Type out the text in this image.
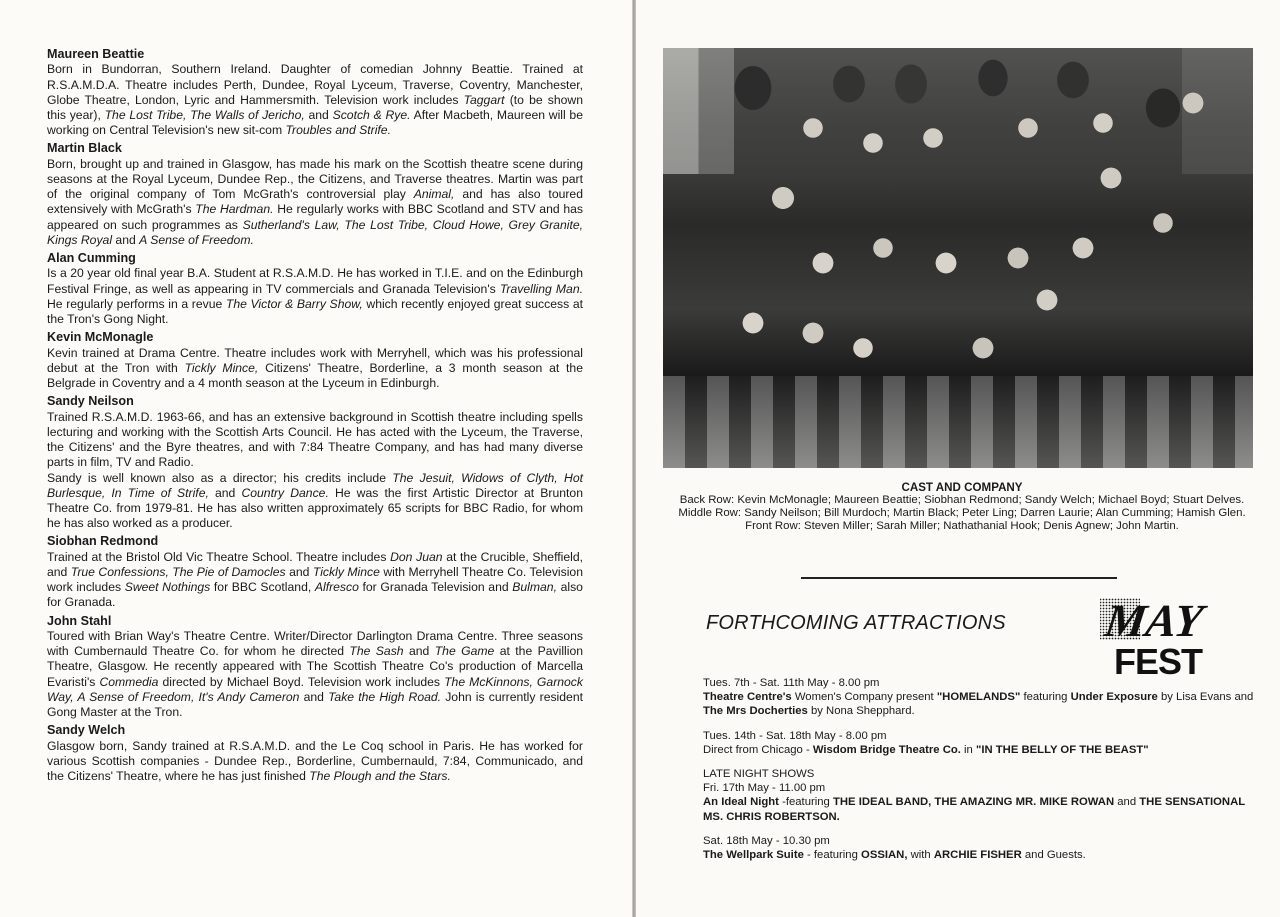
Maureen Beattie

Born in Bundorran, Southern Ireland. Daughter of comedian Johnny Beattie. Trained at R.S.A.M.D.A. Theatre includes Perth, Dundee, Royal Lyceum, Traverse, Coventry, Manchester, Globe Theatre, London, Lyric and Hammersmith. Television work includes Taggart (to be shown this year), The Lost Tribe, The Walls of Jericho, and Scotch & Rye. After Macbeth, Maureen will be working on Central Television's new sit-com Troubles and Strife.

Martin Black

Born, brought up and trained in Glasgow, has made his mark on the Scottish theatre scene during seasons at the Royal Lyceum, Dundee Rep., the Citizens, and Traverse theatres. Martin was part of the original company of Tom McGrath's controversial play Animal, and has also toured extensively with McGrath's The Hardman. He regularly works with BBC Scotland and STV and has appeared on such programmes as Sutherland's Law, The Lost Tribe, Cloud Howe, Grey Granite, Kings Royal and A Sense of Freedom.

Alan Cumming

Is a 20 year old final year B.A. Student at R.S.A.M.D. He has worked in T.I.E. and on the Edinburgh Festival Fringe, as well as appearing in TV commercials and Granada Television's Travelling Man. He regularly performs in a revue The Victor & Barry Show, which recently enjoyed great success at the Tron's Gong Night.

Kevin McMonagle

Kevin trained at Drama Centre. Theatre includes work with Merryhell, which was his professional debut at the Tron with Tickly Mince, Citizens' Theatre, Borderline, a 3 month season at the Belgrade in Coventry and a 4 month season at the Lyceum in Edinburgh.

Sandy Neilson

Trained R.S.A.M.D. 1963-66, and has an extensive background in Scottish theatre including spells lecturing and working with the Scottish Arts Council. He has acted with the Lyceum, the Traverse, the Citizens' and the Byre theatres, and with 7:84 Theatre Company, and has had many diverse parts in film, TV and Radio.
Sandy is well known also as a director; his credits include The Jesuit, Widows of Clyth, Hot Burlesque, In Time of Strife, and Country Dance. He was the first Artistic Director at Brunton Theatre Co. from 1979-81. He has also written approximately 65 scripts for BBC Radio, for whom he has also worked as a producer.

Siobhan Redmond

Trained at the Bristol Old Vic Theatre School. Theatre includes Don Juan at the Crucible, Sheffield, and True Confessions, The Pie of Damocles and Tickly Mince with Merryhell Theatre Co. Television work includes Sweet Nothings for BBC Scotland, Alfresco for Granada Television and Bulman, also for Granada.

John Stahl

Toured with Brian Way's Theatre Centre. Writer/Director Darlington Drama Centre. Three seasons with Cumbernauld Theatre Co. for whom he directed The Sash and The Game at the Pavillion Theatre, Glasgow. He recently appeared with The Scottish Theatre Co's production of Marcella Evaristi's Commedia directed by Michael Boyd. Television work includes The McKinnons, Garnock Way, A Sense of Freedom, It's Andy Cameron and Take the High Road. John is currently resident Gong Master at the Tron.

Sandy Welch

Glasgow born, Sandy trained at R.S.A.M.D. and the Le Coq school in Paris. He has worked for various Scottish companies - Dundee Rep., Borderline, Cumbernauld, 7:84, Communicado, and the Citizens' Theatre, where he has just finished The Plough and the Stars.

CAST AND COMPANY
Back Row: Kevin McMonagle; Maureen Beattie; Siobhan Redmond; Sandy Welch; Michael Boyd; Stuart Delves.
Middle Row: Sandy Neilson; Bill Murdoch; Martin Black; Peter Ling; Darren Laurie; Alan Cumming; Hamish Glen.
Front Row: Steven Miller; Sarah Miller; Nathathanial Hook; Denis Agnew; John Martin.
FORTHCOMING ATTRACTIONS MAY
FEST
Tues. 7th - Sat. 11th May - 8.00 pm
Theatre Centre's Women's Company present "HOMELANDS" featuring Under Exposure by Lisa Evans and The Mrs Docherties by Nona Shepphard.
Tues. 14th - Sat. 18th May - 8.00 pm
Direct from Chicago - Wisdom Bridge Theatre Co. in "IN THE BELLY OF THE BEAST"
LATE NIGHT SHOWS
Fri. 17th May - 11.00 pm
An Ideal Night -featuring THE IDEAL BAND, THE AMAZING MR. MIKE ROWAN and THE SENSATIONAL MS. CHRIS ROBERTSON.
Sat. 18th May - 10.30 pm
The Wellpark Suite - featuring OSSIAN, with ARCHIE FISHER and Guests.
